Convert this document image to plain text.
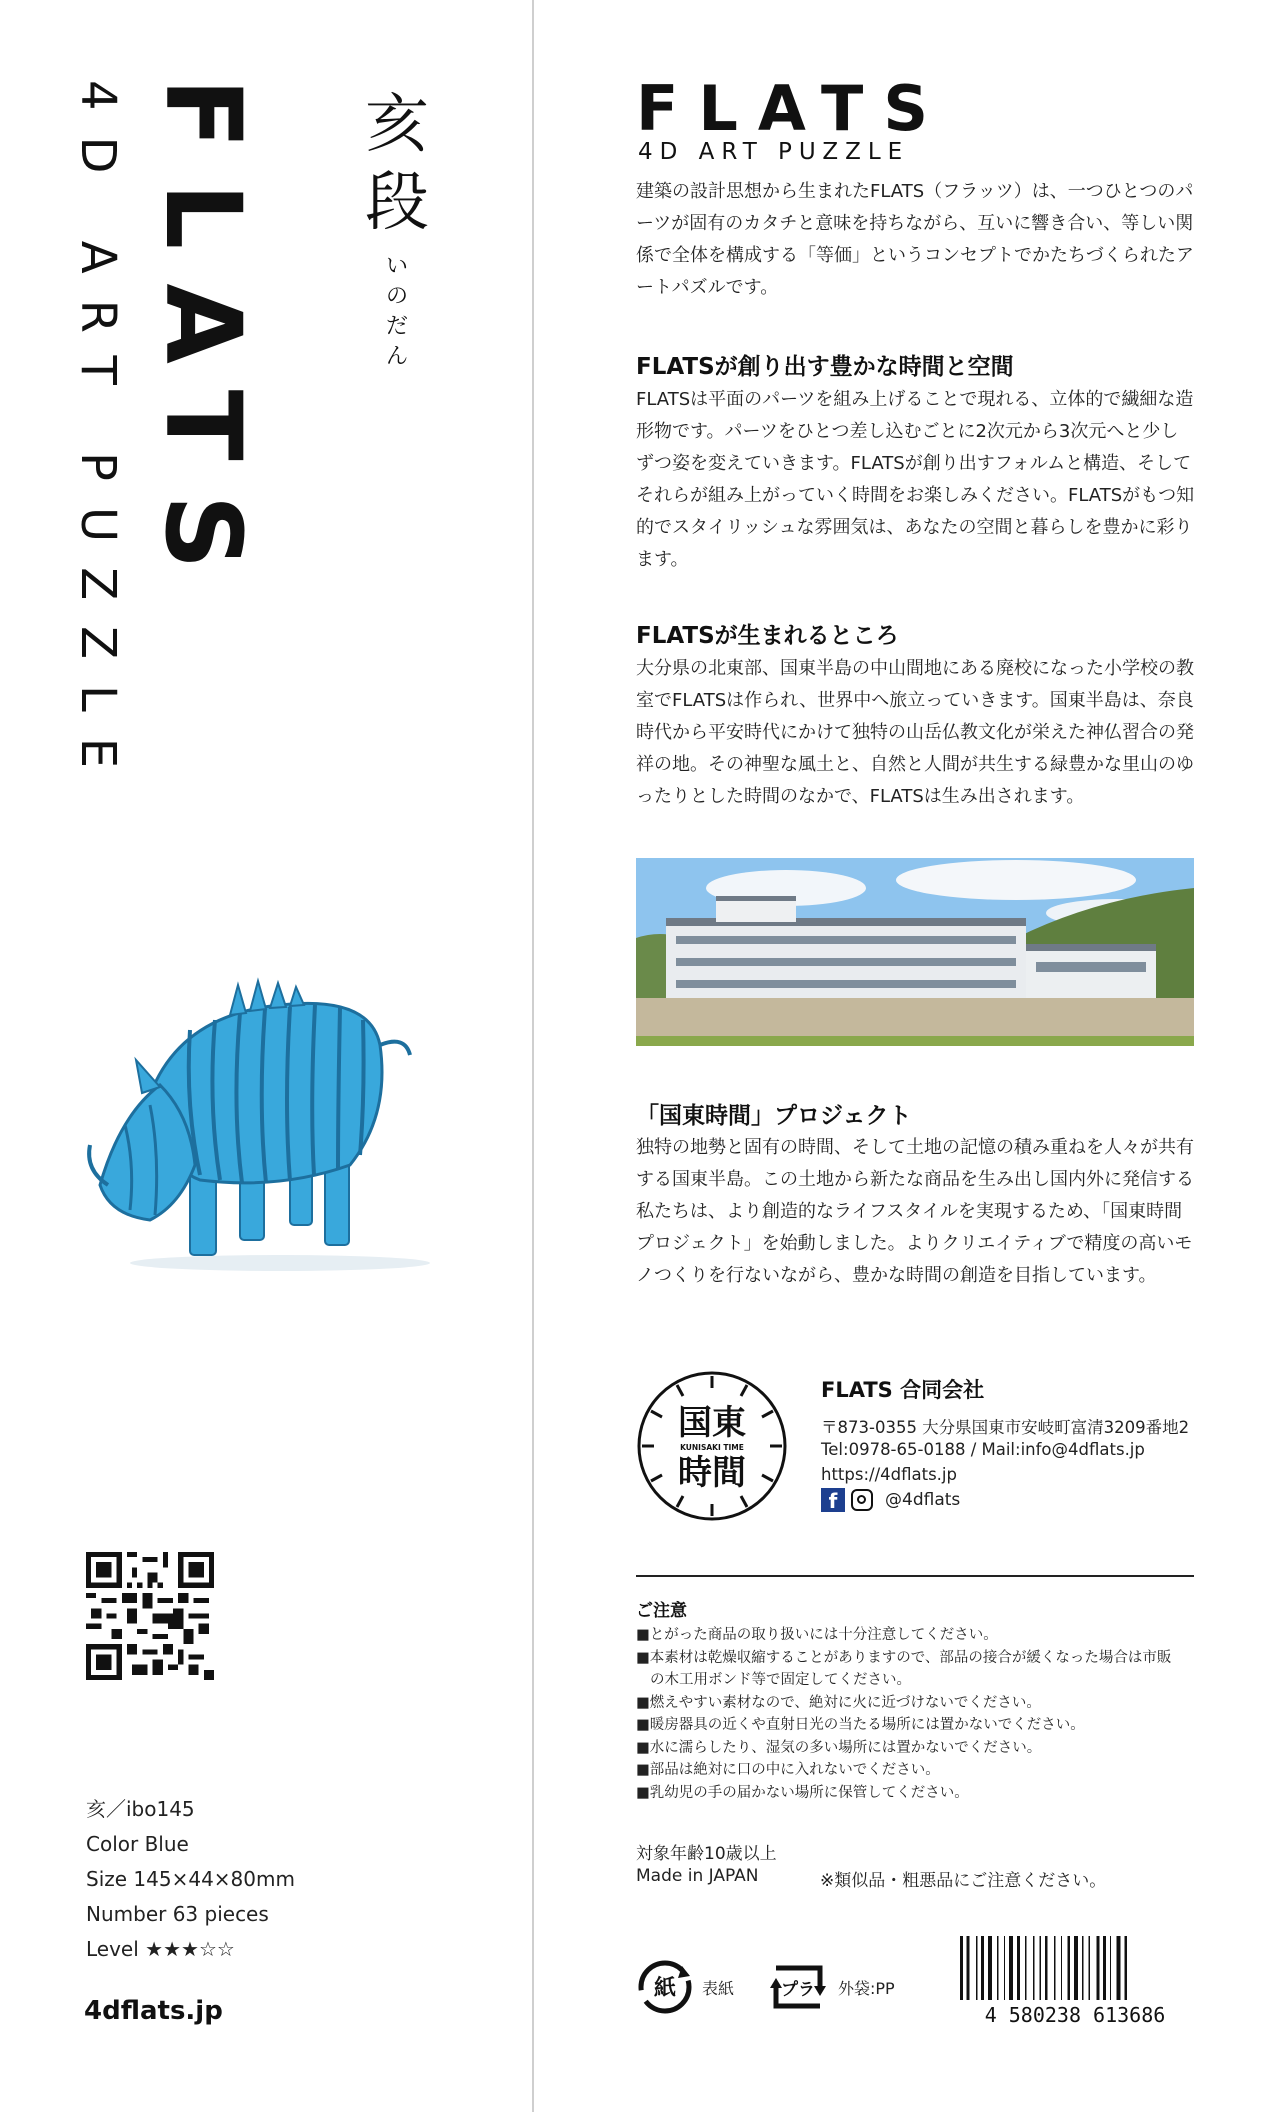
FLATS
4D ART PUZZLE	亥段
いのだん
亥／ibo145
Color Blue
Size 145×44×80mm
Number 63 pieces
Level ★★★☆☆
4dflats.jp
FLATS
4D ART PUZZLE
建築の設計思想から生まれたFLATS（フラッツ）は、一つひとつのパーツが固有のカタチと意味を持ちながら、互いに響き合い、等しい関係で全体を構成する「等価」というコンセプトでかたちづくられたアートパズルです。
FLATSが創り出す豊かな時間と空間
FLATSは平面のパーツを組み上げることで現れる、立体的で繊細な造形物です。パーツをひとつ差し込むごとに2次元から3次元へと少しずつ姿を変えていきます。FLATSが創り出すフォルムと構造、そしてそれらが組み上がっていく時間をお楽しみください。FLATSがもつ知的でスタイリッシュな雰囲気は、あなたの空間と暮らしを豊かに彩ります。
FLATSが生まれるところ
大分県の北東部、国東半島の中山間地にある廃校になった小学校の教室でFLATSは作られ、世界中へ旅立っていきます。国東半島は、奈良時代から平安時代にかけて独特の山岳仏教文化が栄えた神仏習合の発祥の地。その神聖な風土と、自然と人間が共生する緑豊かな里山のゆったりとした時間のなかで、FLATSは生み出されます。
「国東時間」プロジェクト
独特の地勢と固有の時間、そして土地の記憶の積み重ねを人々が共有する国東半島。この土地から新たな商品を生み出し国内外に発信する私たちは、より創造的なライフスタイルを実現するため、「国東時間プロジェクト」を始動しました。よりクリエイティブで精度の高いモノつくりを行ないながら、豊かな時間の創造を目指しています。
国東
KUNISAKI TIME
時間
FLATS 合同会社
〒873-0355 大分県国東市安岐町富清3209番地2
Tel:0978-65-0188 / Mail:info@4dflats.jp
https://4dflats.jp
f	@4dflats
ご注意
■とがった商品の取り扱いには十分注意してください。
■本素材は乾燥収縮することがありますので、部品の接合が緩くなった場合は市販
の木工用ボンド等で固定してください。
■燃えやすい素材なので、絶対に火に近づけないでください。
■暖房器具の近くや直射日光の当たる場所には置かないでください。
■水に濡らしたり、湿気の多い場所には置かないでください。
■部品は絶対に口の中に入れないでください。
■乳幼児の手の届かない場所に保管してください。
対象年齢10歳以上
Made in JAPAN	※類似品・粗悪品にご注意ください。
紙 表紙	プラ 外袋:PP
4 580238 613686
